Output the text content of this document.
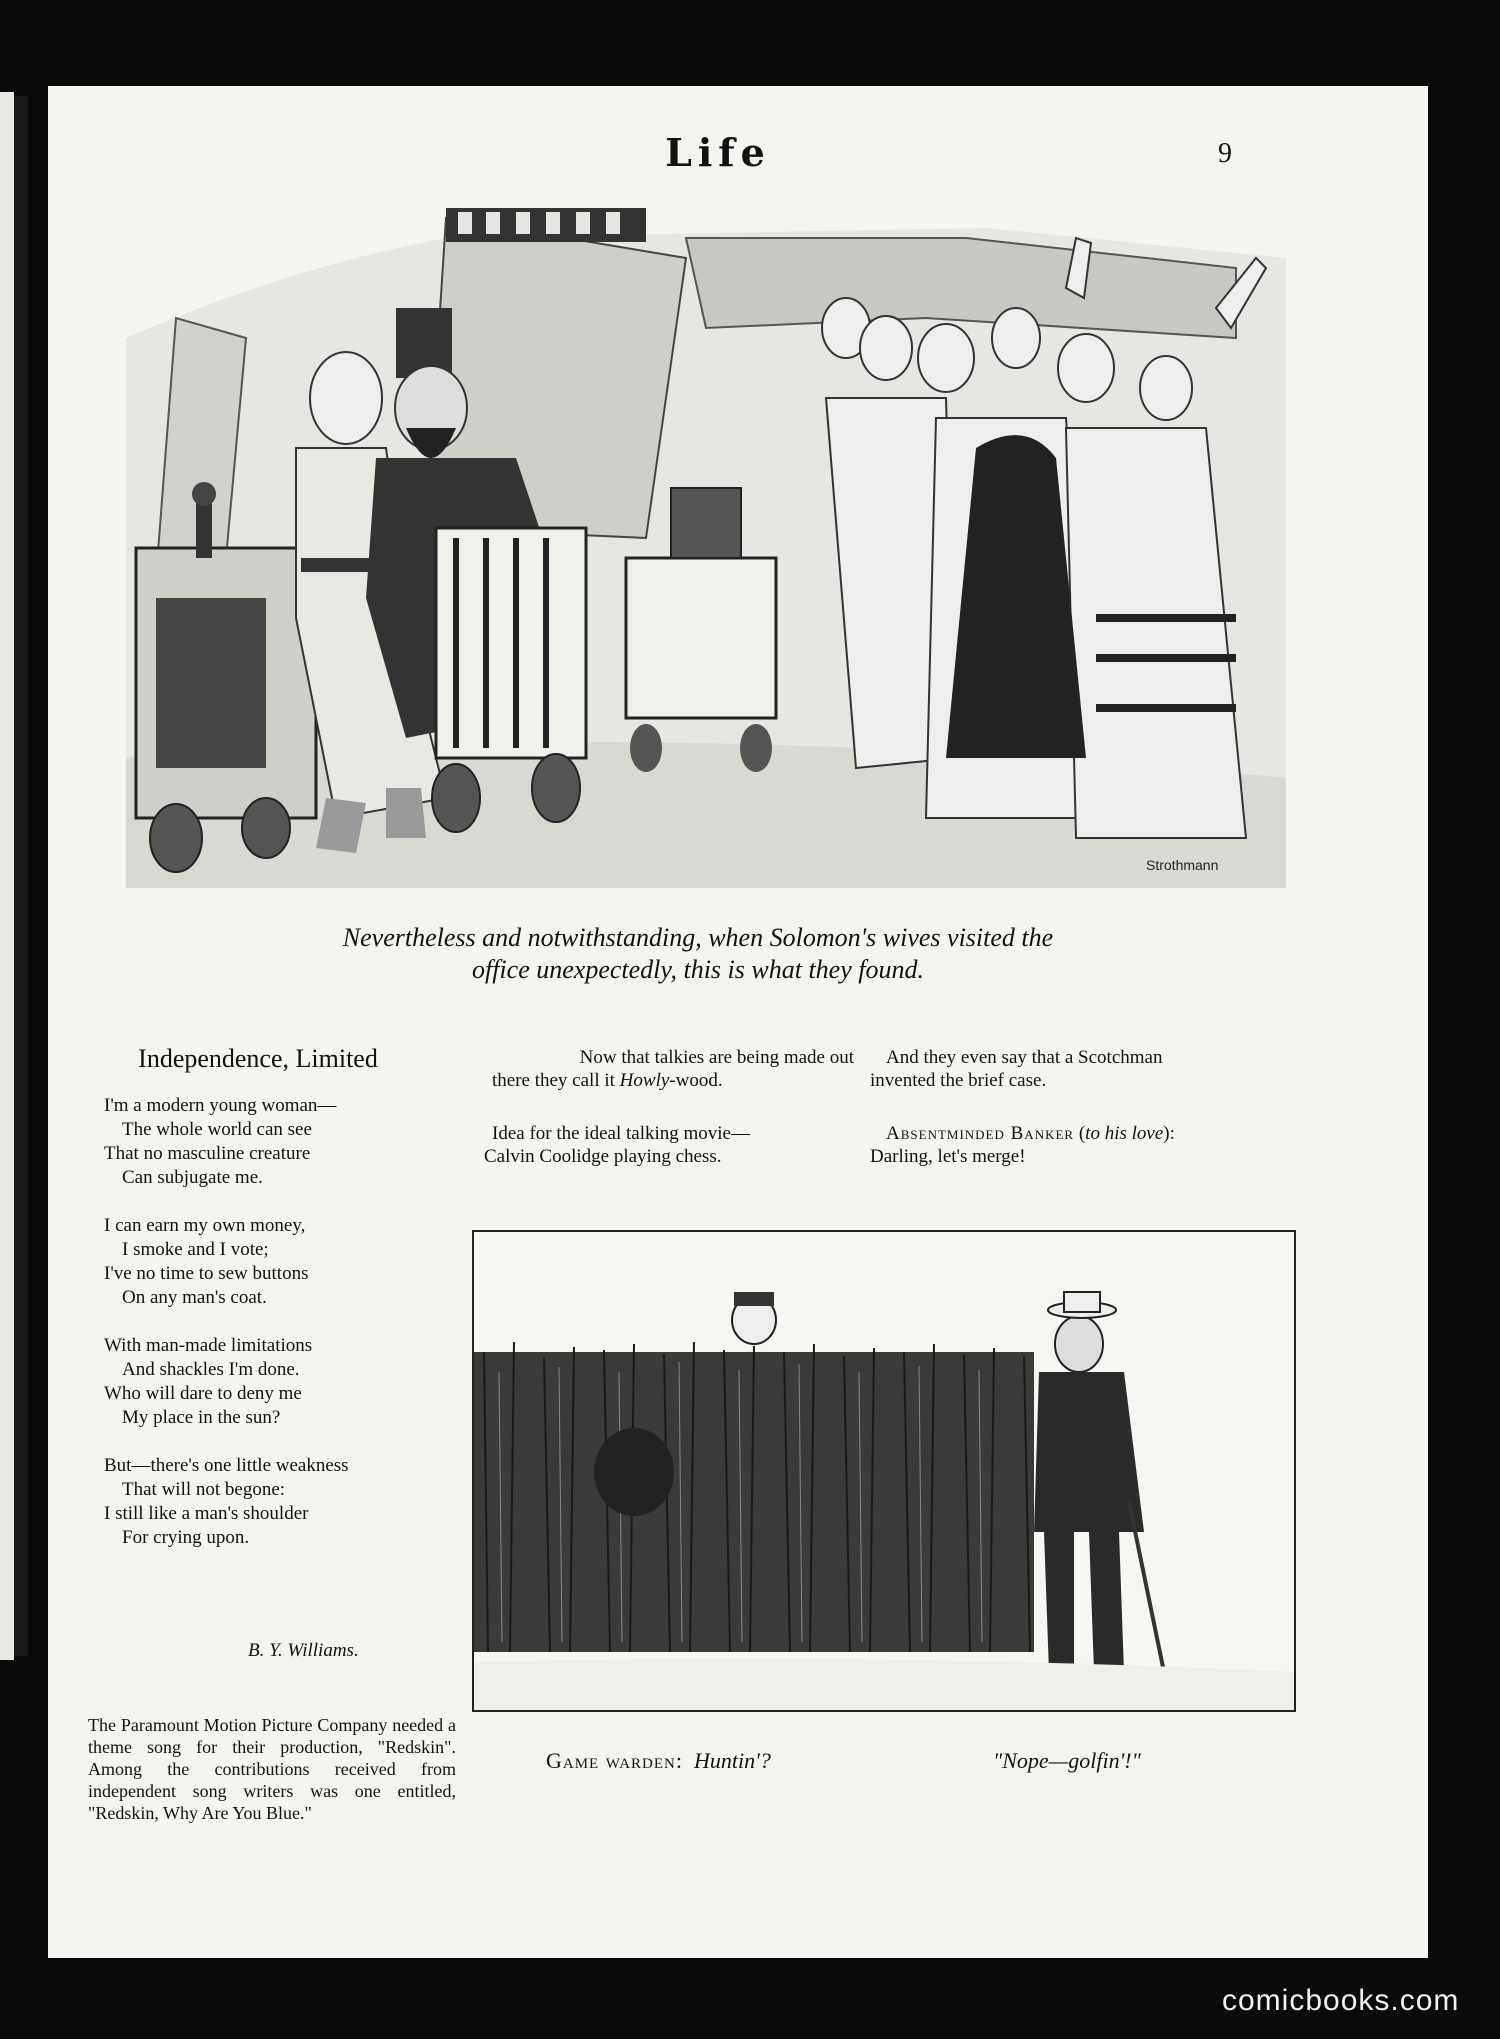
Life	9
Strothmann
Nevertheless and notwithstanding, when Solomon's wives visited the
office unexpectedly, this is what they found.
Independence, Limited
I'm a modern young woman—
The whole world can see
That no masculine creature
Can subjugate me.
I can earn my own money,
I smoke and I vote;
I've no time to sew buttons
On any man's coat.
With man-made limitations
And shackles I'm done.
Who will dare to deny me
My place in the sun?
But—there's one little weakness
That will not begone:
I still like a man's shoulder
For crying upon.
B. Y. Williams.
The Paramount Motion Picture Company needed a theme song for their production, "Redskin". Among the contributions received from independent song writers was one entitled, "Redskin, Why Are You Blue."
Now that talkies are being made out
there they call it Howly-wood.
Idea for the ideal talking movie—
Calvin Coolidge playing chess.
And they even say that a Scotchman
invented the brief case.
Absentminded Banker (to his love):
Darling, let's merge!
Game warden: Huntin'?	"Nope—golfin'!"
comicbooks.com
